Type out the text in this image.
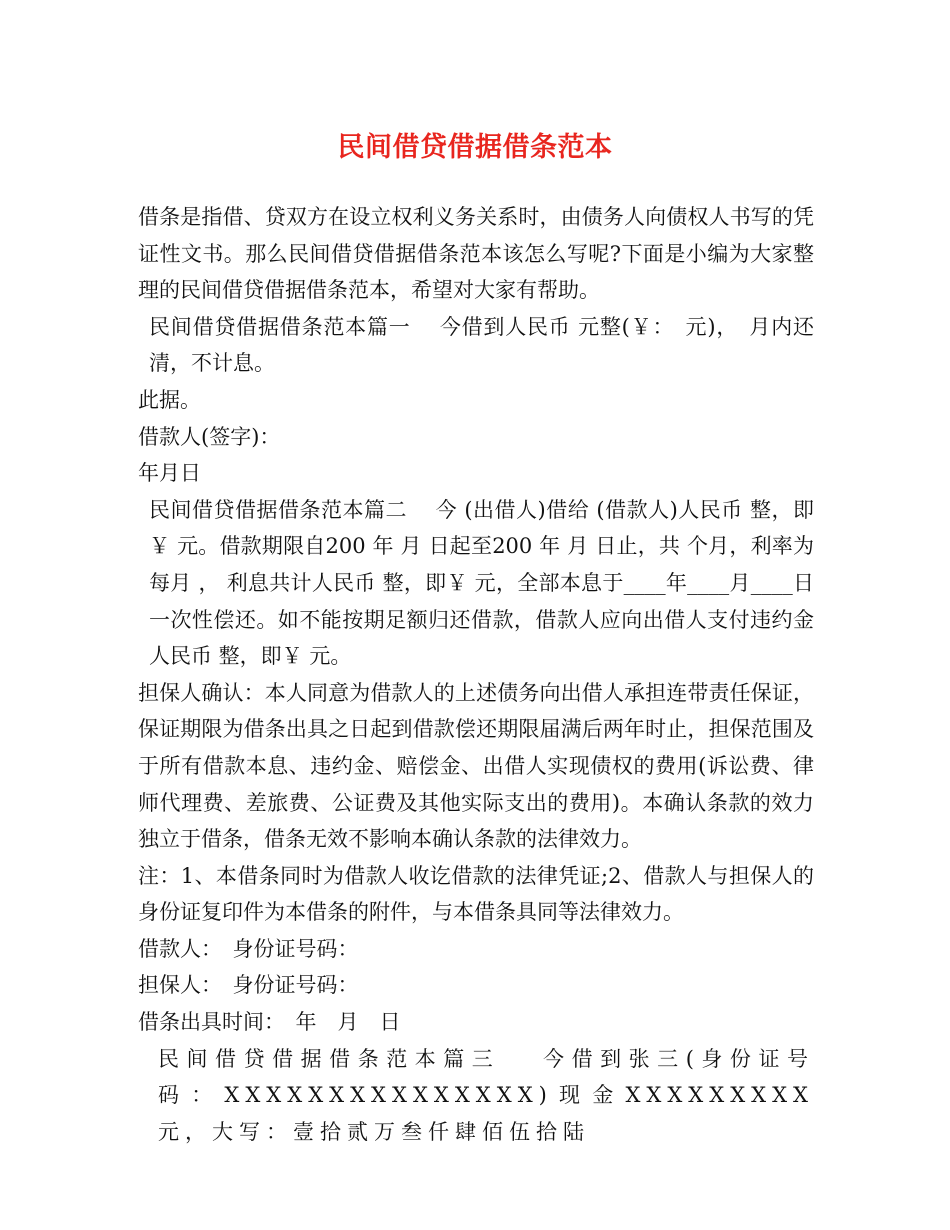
民间借贷借据借条范本

借条是指借、贷双方在设立权利义务关系时，由债务人向债权人书写的凭证性文书。那么民间借贷借据借条范本该怎么写呢?下面是小编为大家整理的民间借贷借据借条范本，希望对大家有帮助。

民间借贷借据借条范本篇一　 今借到人民币 元整(￥：　元)，　月内还清，不计息。

此据。

借款人(签字)：

年月日

民间借贷借据借条范本篇二　 今 (出借人)借给 (借款人)人民币 整，即￥ 元。借款期限自200 年 月 日起至200 年 月 日止，共 个月，利率为每月 ， 利息共计人民币 整，即￥ 元，全部本息于____年____月____日一次性偿还。如不能按期足额归还借款，借款人应向出借人支付违约金人民币 整，即￥ 元。

担保人确认：本人同意为借款人的上述债务向出借人承担连带责任保证，保证期限为借条出具之日起到借款偿还期限届满后两年时止，担保范围及于所有借款本息、违约金、赔偿金、出借人实现债权的费用(诉讼费、律师代理费、差旅费、公证费及其他实际支出的费用)。本确认条款的效力独立于借条，借条无效不影响本确认条款的法律效力。

注：1、本借条同时为借款人收讫借款的法律凭证;2、借款人与担保人的身份证复印件为本借条的附件，与本借条具同等法律效力。

借款人：　身份证号码：

担保人：　身份证号码：

借条出具时间：　年　月　日

民间借贷借据借条范本篇三　 今借到张三(身份证号码：XXXXXXXXXXXXXXX)现金XXXXXXXXX元，大写：壹拾贰万叁仟肆佰伍拾陆
